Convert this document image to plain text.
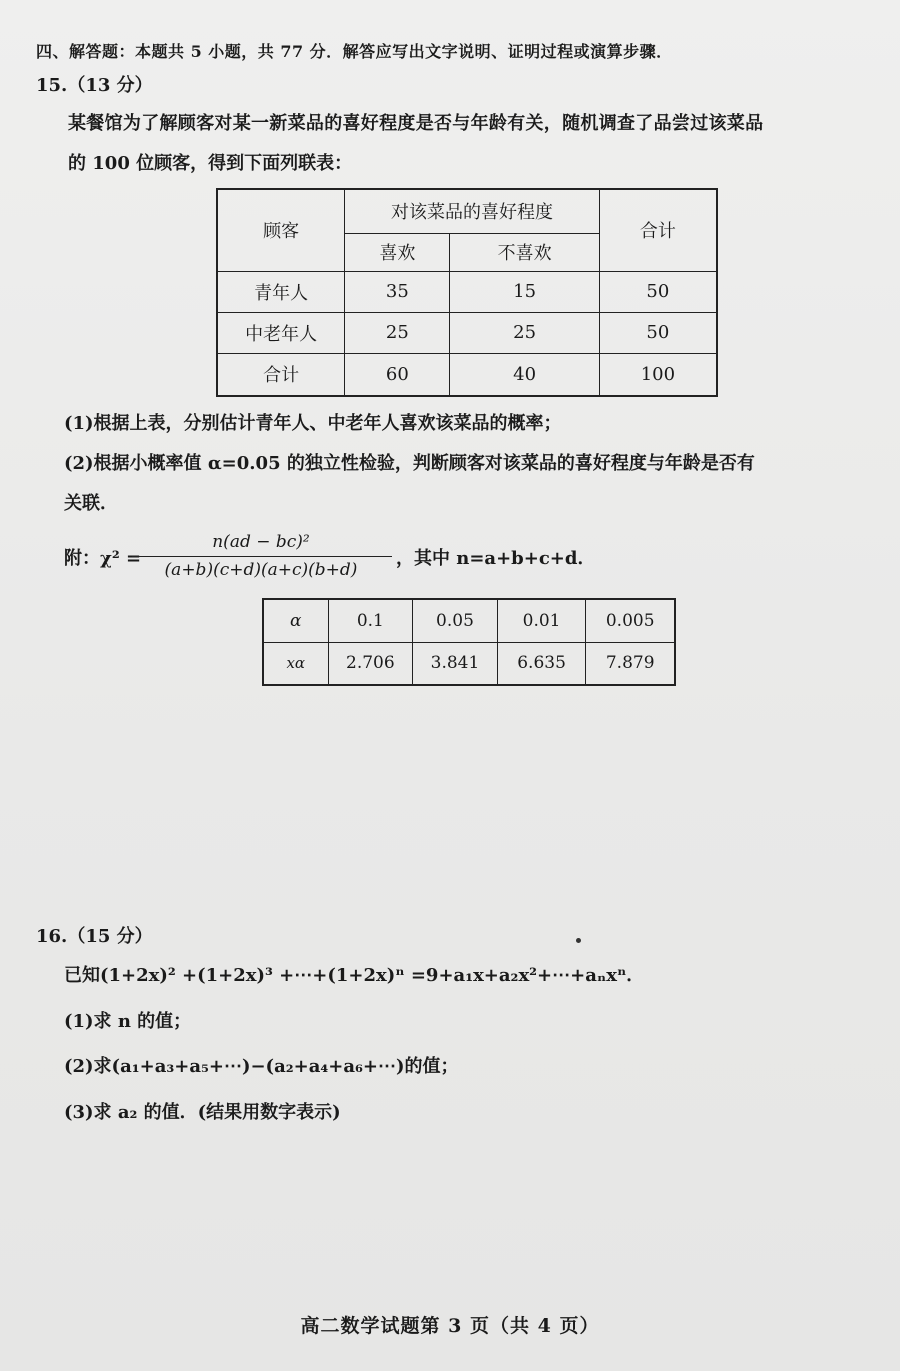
四、解答题：本题共 5 小题，共 77 分．解答应写出文字说明、证明过程或演算步骤．
15.（13 分）
某餐馆为了解顾客对某一新菜品的喜好程度是否与年龄有关，随机调查了品尝过该菜品
的 100 位顾客，得到下面列联表：
顾客	对该菜品的喜好程度		合计
	喜欢	不喜欢	
青年人	35	15	50
中老年人	25	25	50
合计	60	40	100
(1)根据上表，分别估计青年人、中老年人喜欢该菜品的概率；
(2)根据小概率值 α=0.05 的独立性检验，判断顾客对该菜品的喜好程度与年龄是否有
关联．
附：χ² =
n(ad − bc)²
(a+b)(c+d)(a+c)(b+d)
，其中 n=a+b+c+d．
α	0.1	0.05	0.01	0.005
xα	2.706	3.841	6.635	7.879
16.（15 分）
已知(1+2x)² +(1+2x)³ +⋯+(1+2x)ⁿ =9+a₁x+a₂x²+⋯+aₙxⁿ．
(1)求 n 的值；
(2)求(a₁+a₃+a₅+⋯)−(a₂+a₄+a₆+⋯)的值；
(3)求 a₂ 的值．(结果用数字表示)
高二数学试题第 3 页（共 4 页）
